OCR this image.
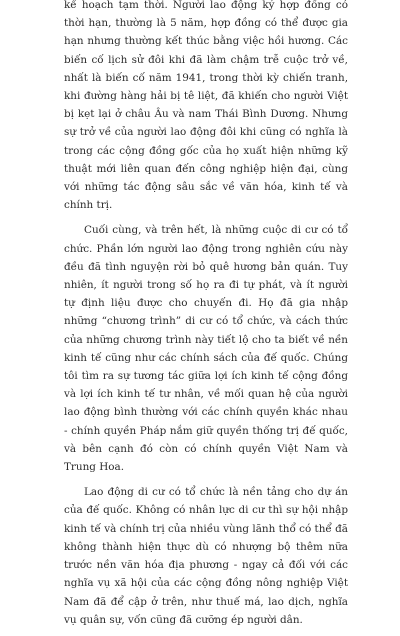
kế hoạch tạm thời. Người lao động ký hợp đồng có thời hạn, thường là 5 năm, hợp đồng có thể được gia hạn nhưng thường kết thúc bằng việc hồi hương. Các biến cố lịch sử đôi khi đã làm chậm trễ cuộc trở về, nhất là biến cố năm 1941, trong thời kỳ chiến tranh, khi đường hàng hải bị tê liệt, đã khiến cho người Việt bị kẹt lại ở châu Âu và nam Thái Bình Dương. Nhưng sự trở về của người lao động đôi khi cũng có nghĩa là trong các cộng đồng gốc của họ xuất hiện những kỹ thuật mới liên quan đến công nghiệp hiện đại, cùng với những tác động sâu sắc về văn hóa, kinh tế và chính trị.

Cuối cùng, và trên hết, là những cuộc di cư có tổ chức. Phần lớn người lao động trong nghiên cứu này đều đã tình nguyện rời bỏ quê hương bản quán. Tuy nhiên, ít người trong số họ ra đi tự phát, và ít người tự định liệu được cho chuyến đi. Họ đã gia nhập những “chương trình” di cư có tổ chức, và cách thức của những chương trình này tiết lộ cho ta biết về nền kinh tế cũng như các chính sách của đế quốc. Chúng tôi tìm ra sự tương tác giữa lợi ích kinh tế cộng đồng và lợi ích kinh tế tư nhân, về mối quan hệ của người lao động bình thường với các chính quyền khác nhau - chính quyền Pháp nắm giữ quyền thống trị đế quốc, và bên cạnh đó còn có chính quyền Việt Nam và Trung Hoa.

Lao động di cư có tổ chức là nền tảng cho dự án của đế quốc. Không có nhân lực di cư thì sự hội nhập kinh tế và chính trị của nhiều vùng lãnh thổ có thể đã không thành hiện thực dù có nhượng bộ thêm nữa trước nền văn hóa địa phương - ngay cả đối với các nghĩa vụ xã hội của các cộng đồng nông nghiệp Việt Nam đã để cập ở trên, như thuế má, lao dịch, nghĩa vụ quân sự, vốn cũng đã cưỡng ép người dân.
